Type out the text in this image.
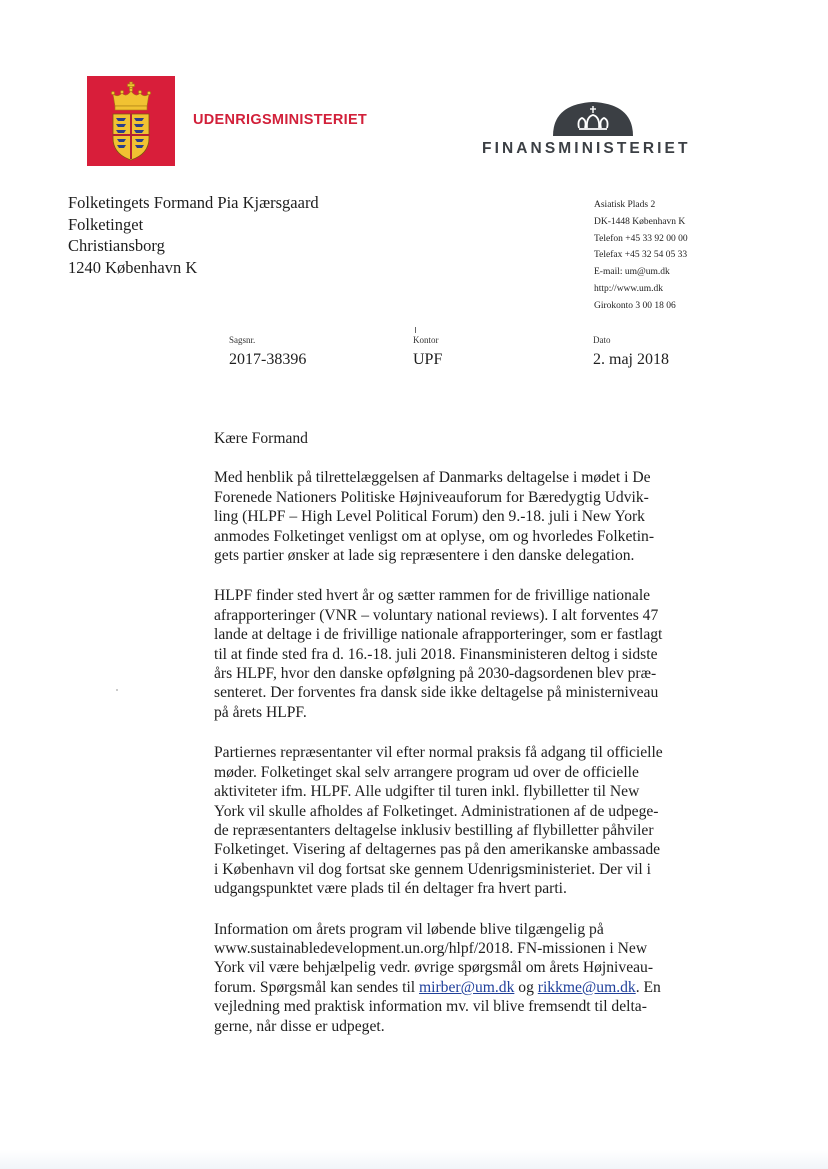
UDENRIGSMINISTERIET
FINANSMINISTERIET
Folketingets Formand Pia Kjærsgaard
Folketinget
Christiansborg
1240 København K
Asiatisk Plads 2
DK-1448 København K
Telefon +45 33 92 00 00
Telefax +45 32 54 05 33
E-mail: um@um.dk
http://www.um.dk
Girokonto 3 00 18 06
Sagsnr.
2017-38396
Kontor
UPF
Dato
2. maj 2018

Kære Formand

Med henblik på tilrettelæggelsen af Danmarks deltagelse i mødet i De
Forenede Nationers Politiske Højniveauforum for Bæredygtig Udvik-
ling (HLPF – High Level Political Forum) den 9.-18. juli i New York
anmodes Folketinget venligst om at oplyse, om og hvorledes Folketin-
gets partier ønsker at lade sig repræsentere i den danske delegation.

HLPF finder sted hvert år og sætter rammen for de frivillige nationale
afrapporteringer (VNR – voluntary national reviews). I alt forventes 47
lande at deltage i de frivillige nationale afrapporteringer, som er fastlagt
til at finde sted fra d. 16.-18. juli 2018. Finansministeren deltog i sidste
års HLPF, hvor den danske opfølgning på 2030-dagsordenen blev præ-
senteret. Der forventes fra dansk side ikke deltagelse på ministerniveau
på årets HLPF.

Partiernes repræsentanter vil efter normal praksis få adgang til officielle
møder. Folketinget skal selv arrangere program ud over de officielle
aktiviteter ifm. HLPF. Alle udgifter til turen inkl. flybilletter til New
York vil skulle afholdes af Folketinget. Administrationen af de udpege-
de repræsentanters deltagelse inklusiv bestilling af flybilletter påhviler
Folketinget. Visering af deltagernes pas på den amerikanske ambassade
i København vil dog fortsat ske gennem Udenrigsministeriet. Der vil i
udgangspunktet være plads til én deltager fra hvert parti.

Information om årets program vil løbende blive tilgængelig på
www.sustainabledevelopment.un.org/hlpf/2018. FN-missionen i New
York vil være behjælpelig vedr. øvrige spørgsmål om årets Højniveau-
forum. Spørgsmål kan sendes til mirber@um.dk og rikkme@um.dk. En
vejledning med praktisk information mv. vil blive fremsendt til delta-
gerne, når disse er udpeget.
